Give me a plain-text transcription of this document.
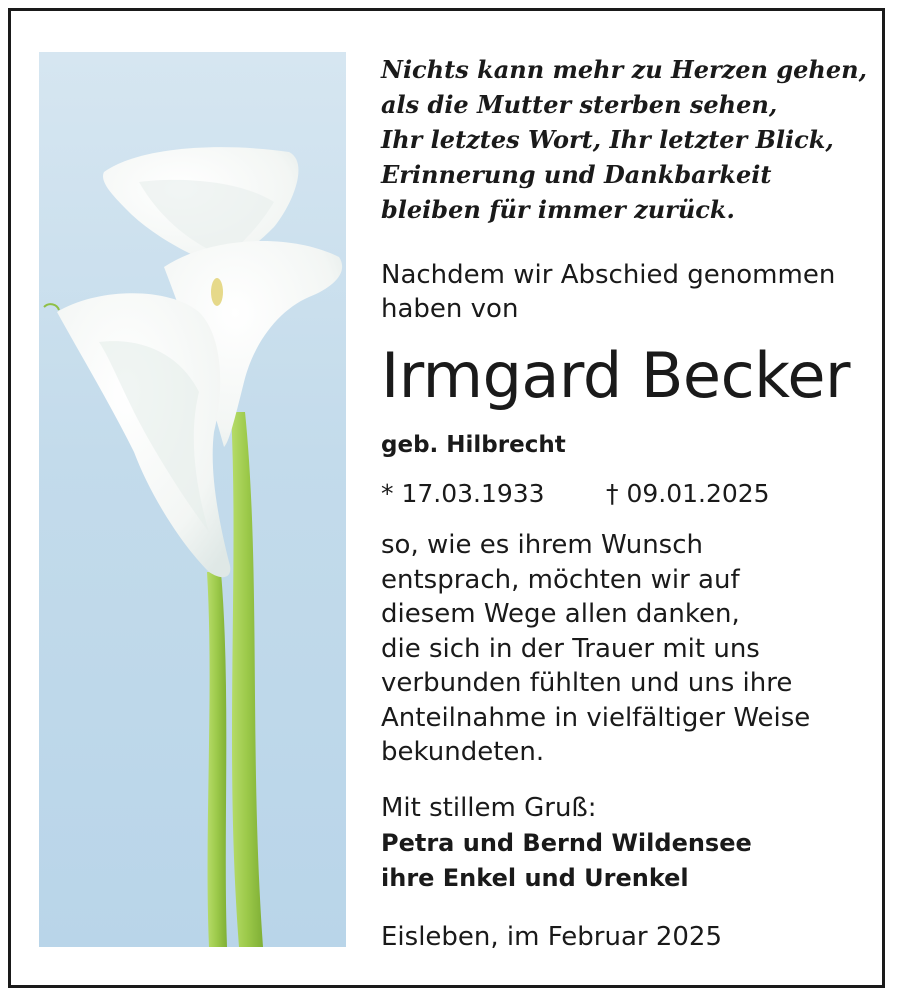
Nichts kann mehr zu Herzen gehen,
als die Mutter sterben sehen,
Ihr letztes Wort, Ihr letzter Blick,
Erinnerung und Dankbarkeit
bleiben für immer zurück.
Nachdem wir Abschied genommen
haben von
Irmgard Becker
geb. Hilbrecht
* 17.03.1933 † 09.01.2025
so, wie es ihrem Wunsch
entsprach, möchten wir auf
diesem Wege allen danken,
die sich in der Trauer mit uns
verbunden fühlten und uns ihre
Anteilnahme in vielfältiger Weise
bekundeten.
Mit stillem Gruß:
Petra und Bernd Wildensee
ihre Enkel und Urenkel
Eisleben, im Februar 2025
